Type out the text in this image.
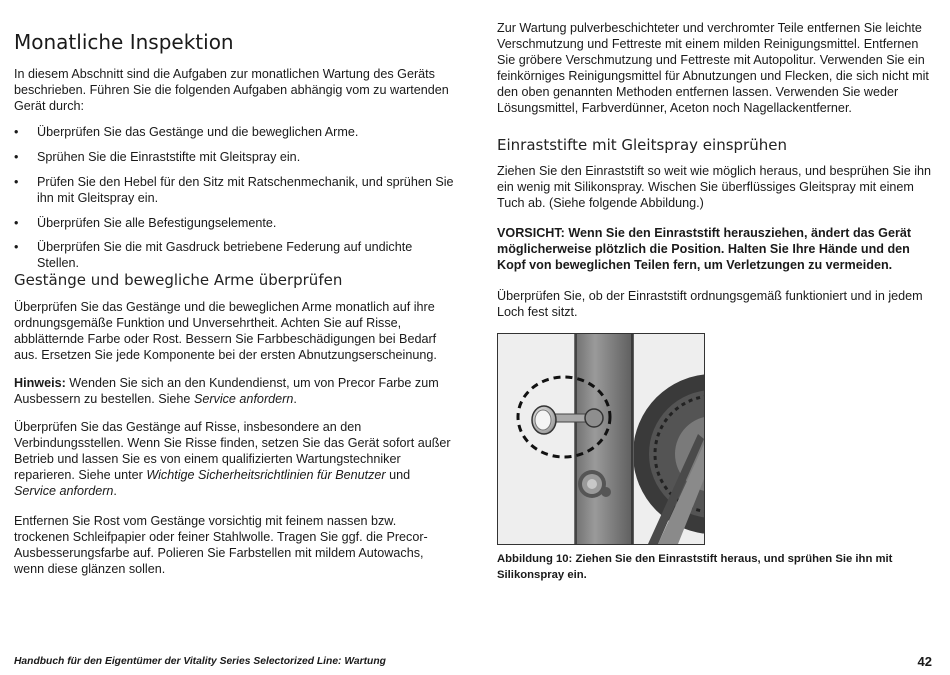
Monatliche Inspektion

In diesem Abschnitt sind die Aufgaben zur monatlichen Wartung des Geräts beschrieben. Führen Sie die folgenden Aufgaben abhängig vom zu wartenden Gerät durch:

• Überprüfen Sie das Gestänge und die beweglichen Arme.
• Sprühen Sie die Einraststifte mit Gleitspray ein.
• Prüfen Sie den Hebel für den Sitz mit Ratschenmechanik, und sprühen Sie ihn mit Gleitspray ein.
• Überprüfen Sie alle Befestigungselemente.
• Überprüfen Sie die mit Gasdruck betriebene Federung auf undichte Stellen.
Gestänge und bewegliche Arme überprüfen

Überprüfen Sie das Gestänge und die beweglichen Arme monatlich auf ihre ordnungsgemäße Funktion und Unversehrtheit. Achten Sie auf Risse, abblätternde Farbe oder Rost. Bessern Sie Farbbeschädigungen bei Bedarf aus. Ersetzen Sie jede Komponente bei der ersten Abnutzungserscheinung.

Hinweis: Wenden Sie sich an den Kundendienst, um von Precor Farbe zum Ausbessern zu bestellen. Siehe Service anfordern.

Überprüfen Sie das Gestänge auf Risse, insbesondere an den Verbindungsstellen. Wenn Sie Risse finden, setzen Sie das Gerät sofort außer Betrieb und lassen Sie es von einem qualifizierten Wartungstechniker reparieren. Siehe unter Wichtige Sicherheitsrichtlinien für Benutzer und Service anfordern.

Entfernen Sie Rost vom Gestänge vorsichtig mit feinem nassen bzw. trockenen Schleifpapier oder feiner Stahlwolle. Tragen Sie ggf. die Precor-Ausbesserungsfarbe auf. Polieren Sie Farbstellen mit mildem Autowachs, wenn diese glänzen sollen.

Zur Wartung pulverbeschichteter und verchromter Teile entfernen Sie leichte Verschmutzung und Fettreste mit einem milden Reinigungsmittel. Entfernen Sie gröbere Verschmutzung und Fettreste mit Autopolitur. Verwenden Sie ein feinkörniges Reinigungsmittel für Abnutzungen und Flecken, die sich nicht mit den oben genannten Methoden entfernen lassen. Verwenden Sie weder Lösungsmittel, Farbverdünner, Aceton noch Nagellackentferner.

Einraststifte mit Gleitspray einsprühen

Ziehen Sie den Einraststift so weit wie möglich heraus, und besprühen Sie ihn ein wenig mit Silikonspray. Wischen Sie überflüssiges Gleitspray mit einem Tuch ab. (Siehe folgende Abbildung.)

VORSICHT: Wenn Sie den Einraststift herausziehen, ändert das Gerät möglicherweise plötzlich die Position. Halten Sie Ihre Hände und den Kopf von beweglichen Teilen fern, um Verletzungen zu vermeiden.

Überprüfen Sie, ob der Einraststift ordnungsgemäß funktioniert und in jedem Loch fest sitzt.

Abbildung 10: Ziehen Sie den Einraststift heraus, und sprühen Sie ihn mit Silikonspray ein.

Handbuch für den Eigentümer der Vitality Series Selectorized Line: Wartung	42
